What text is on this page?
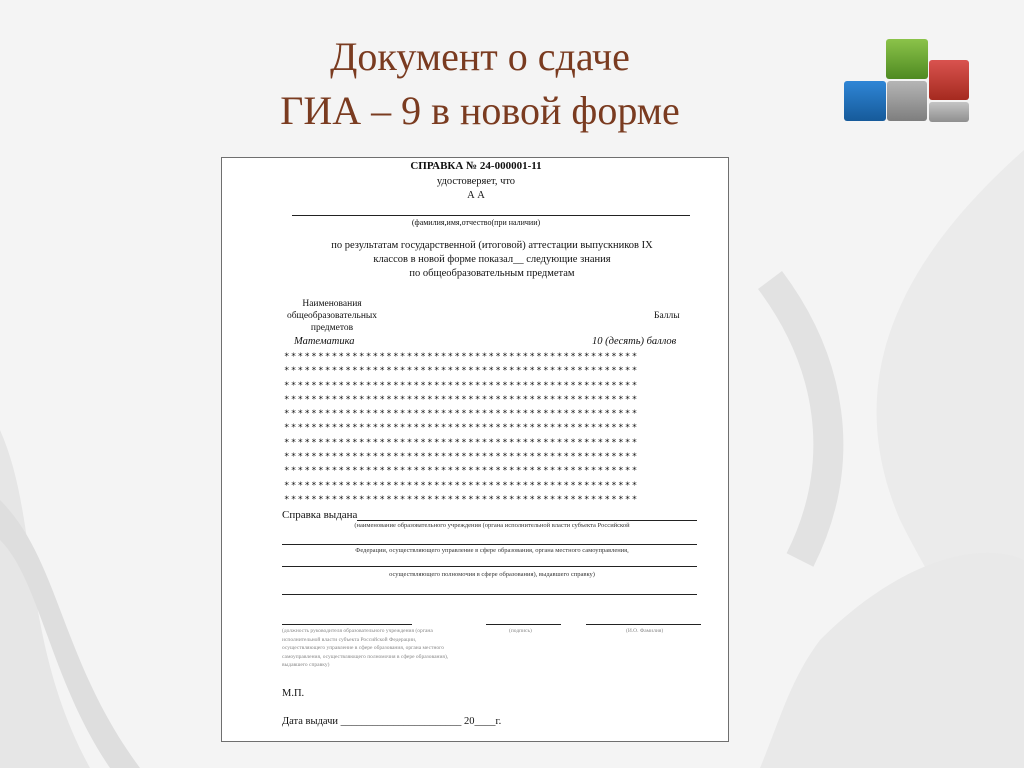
Документ о сдаче
ГИА – 9 в новой форме
СПРАВКА № 24-000001-11
удостоверяет, что
А А
(фамилия,имя,отчество(при наличии)
по результатам государственной (итоговой) аттестации выпускников IX
классов в новой форме показал__ следующие знания
по общеобразовательным предметам
Наименования
общеобразовательных
предметов
Баллы
Математика	10 (десять) баллов
****************************************************
****************************************************
****************************************************
****************************************************
****************************************************
****************************************************
****************************************************
****************************************************
****************************************************
****************************************************
****************************************************
Справка выдана
(наименование образовательного учреждения (органа исполнительной власти субъекта Российской
Федерации, осуществляющего управление в сфере образования, органа местного самоуправления,
осуществляющего полномочия в сфере образования), выдавшего справку)
(должность руководителя образовательного учреждения (органа исполнительной власти субъекта Российской Федерации, осуществляющего управление в сфере образования, органа местного самоуправления, осуществляющего полномочия в сфере образования), выдавшего справку)
(подпись)	(И.О. Фамилия)
М.П.
Дата выдачи _______________________ 20____г.
